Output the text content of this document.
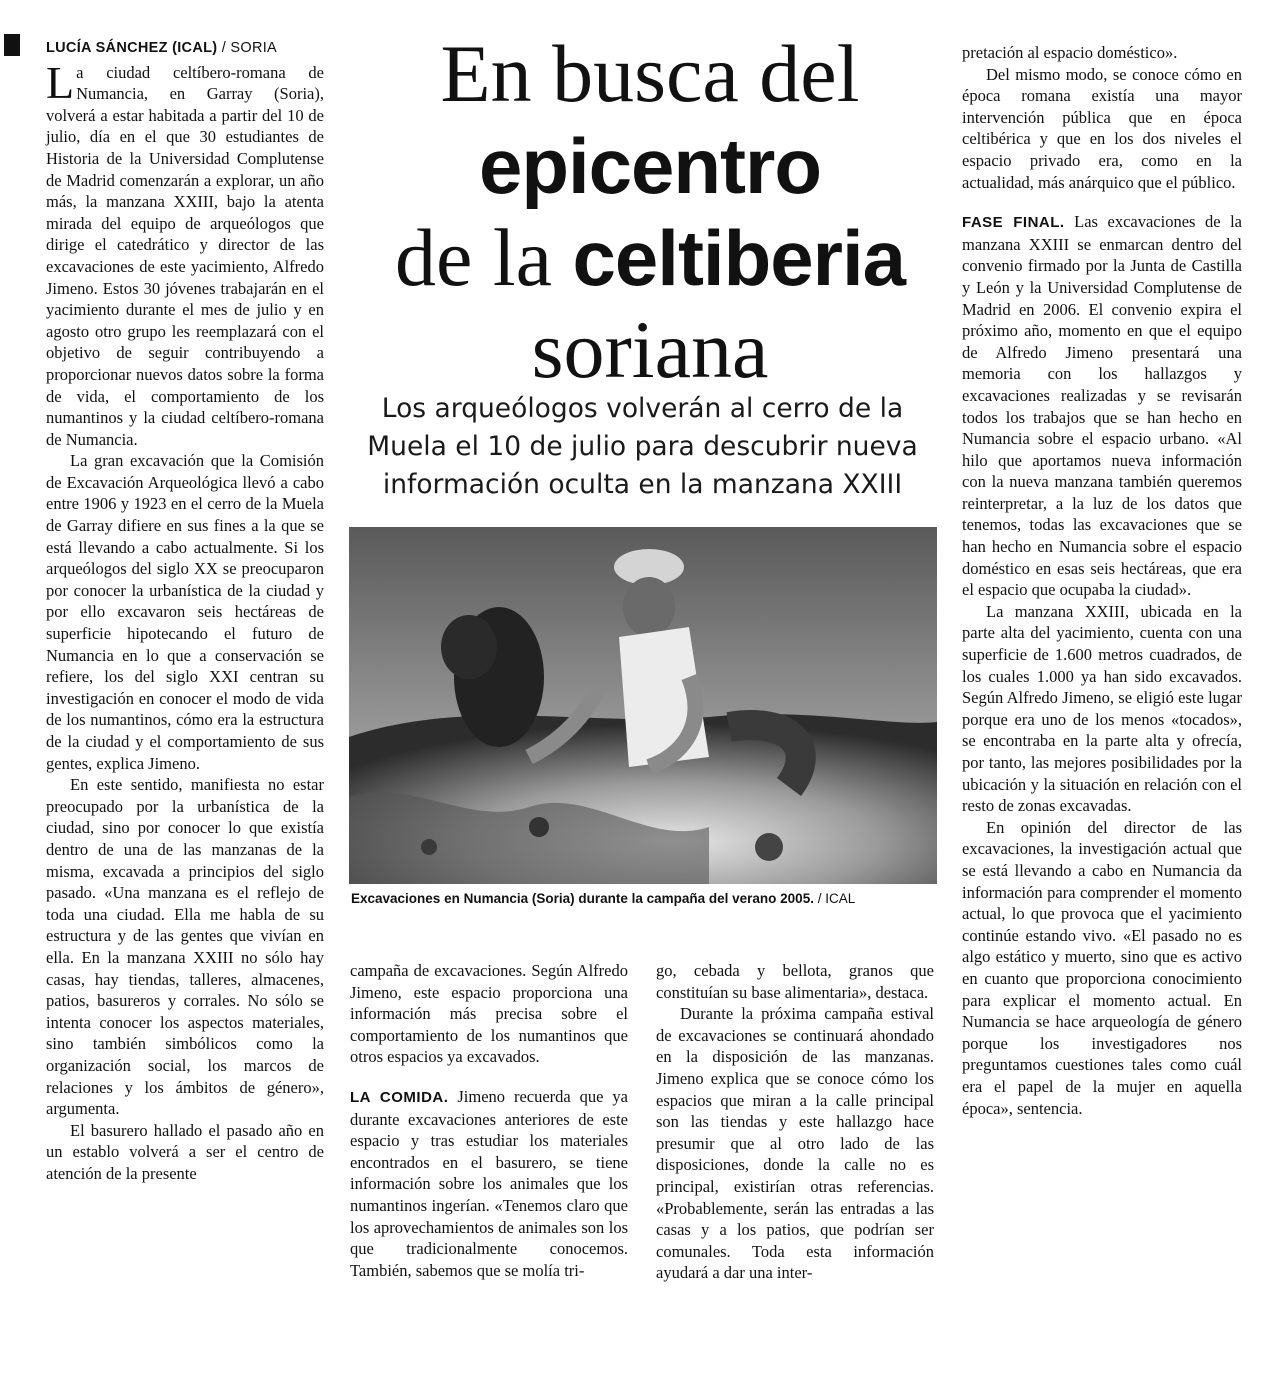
LUCÍA SÁNCHEZ (ICAL) / SORIA

La ciudad celtíbero-romana de Numancia, en Garray (Soria), volverá a estar habitada a partir del 10 de julio, día en el que 30 estudiantes de Historia de la Universidad Complutense de Madrid comenzarán a explorar, un año más, la manzana XXIII, bajo la atenta mirada del equipo de arqueólogos que dirige el catedrático y director de las excavaciones de este yacimiento, Alfredo Jimeno. Estos 30 jóvenes trabajarán en el yacimiento durante el mes de julio y en agosto otro grupo les reemplazará con el objetivo de seguir contribuyendo a proporcionar nuevos datos sobre la forma de vida, el comportamiento de los numantinos y la ciudad celtíbero-romana de Numancia.

La gran excavación que la Comisión de Excavación Arqueológica llevó a cabo entre 1906 y 1923 en el cerro de la Muela de Garray difiere en sus fines a la que se está llevando a cabo actualmente. Si los arqueólogos del siglo XX se preocuparon por conocer la urbanística de la ciudad y por ello excavaron seis hectáreas de superficie hipotecando el futuro de Numancia en lo que a conservación se refiere, los del siglo XXI centran su investigación en conocer el modo de vida de los numantinos, cómo era la estructura de la ciudad y el comportamiento de sus gentes, explica Jimeno.

En este sentido, manifiesta no estar preocupado por la urbanística de la ciudad, sino por conocer lo que existía dentro de una de las manzanas de la misma, excavada a principios del siglo pasado. «Una manzana es el reflejo de toda una ciudad. Ella me habla de su estructura y de las gentes que vivían en ella. En la manzana XXIII no sólo hay casas, hay tiendas, talleres, almacenes, patios, basureros y corrales. No sólo se intenta conocer los aspectos materiales, sino también simbólicos como la organización social, los marcos de relaciones y los ámbitos de género», argumenta.

El basurero hallado el pasado año en un establo volverá a ser el centro de atención de la presente

En busca del
epicentro
de la celtiberia
soriana
Los arqueólogos volverán al cerro de la Muela el 10 de julio para descubrir nueva información oculta en la manzana XXIII
Excavaciones en Numancia (Soria) durante la campaña del verano 2005. / ICAL

campaña de excavaciones. Según Alfredo Jimeno, este espacio proporciona una información más precisa sobre el comportamiento de los numantinos que otros espacios ya excavados.

LA COMIDA. Jimeno recuerda que ya durante excavaciones anteriores de este espacio y tras estudiar los materiales encontrados en el basurero, se tiene información sobre los animales que los numantinos ingerían. «Tenemos claro que los aprovechamientos de animales son los que tradicionalmente conocemos. También, sabemos que se molía tri-

go, cebada y bellota, granos que constituían su base alimentaria», destaca.

Durante la próxima campaña estival de excavaciones se continuará ahondado en la disposición de las manzanas. Jimeno explica que se conoce cómo los espacios que miran a la calle principal son las tiendas y este hallazgo hace presumir que al otro lado de las disposiciones, donde la calle no es principal, existirían otras referencias. «Probablemente, serán las entradas a las casas y a los patios, que podrían ser comunales. Toda esta información ayudará a dar una inter-

pretación al espacio doméstico».

Del mismo modo, se conoce cómo en época romana existía una mayor intervención pública que en época celtibérica y que en los dos niveles el espacio privado era, como en la actualidad, más anárquico que el público.

FASE FINAL. Las excavaciones de la manzana XXIII se enmarcan dentro del convenio firmado por la Junta de Castilla y León y la Universidad Complutense de Madrid en 2006. El convenio expira el próximo año, momento en que el equipo de Alfredo Jimeno presentará una memoria con los hallazgos y excavaciones realizadas y se revisarán todos los trabajos que se han hecho en Numancia sobre el espacio urbano. «Al hilo que aportamos nueva información con la nueva manzana también queremos reinterpretar, a la luz de los datos que tenemos, todas las excavaciones que se han hecho en Numancia sobre el espacio doméstico en esas seis hectáreas, que era el espacio que ocupaba la ciudad».

La manzana XXIII, ubicada en la parte alta del yacimiento, cuenta con una superficie de 1.600 metros cuadrados, de los cuales 1.000 ya han sido excavados. Según Alfredo Jimeno, se eligió este lugar porque era uno de los menos «tocados», se encontraba en la parte alta y ofrecía, por tanto, las mejores posibilidades por la ubicación y la situación en relación con el resto de zonas excavadas.

En opinión del director de las excavaciones, la investigación actual que se está llevando a cabo en Numancia da información para comprender el momento actual, lo que provoca que el yacimiento continúe estando vivo. «El pasado no es algo estático y muerto, sino que es activo en cuanto que proporciona conocimiento para explicar el momento actual. En Numancia se hace arqueología de género porque los investigadores nos preguntamos cuestiones tales como cuál era el papel de la mujer en aquella época», sentencia.
